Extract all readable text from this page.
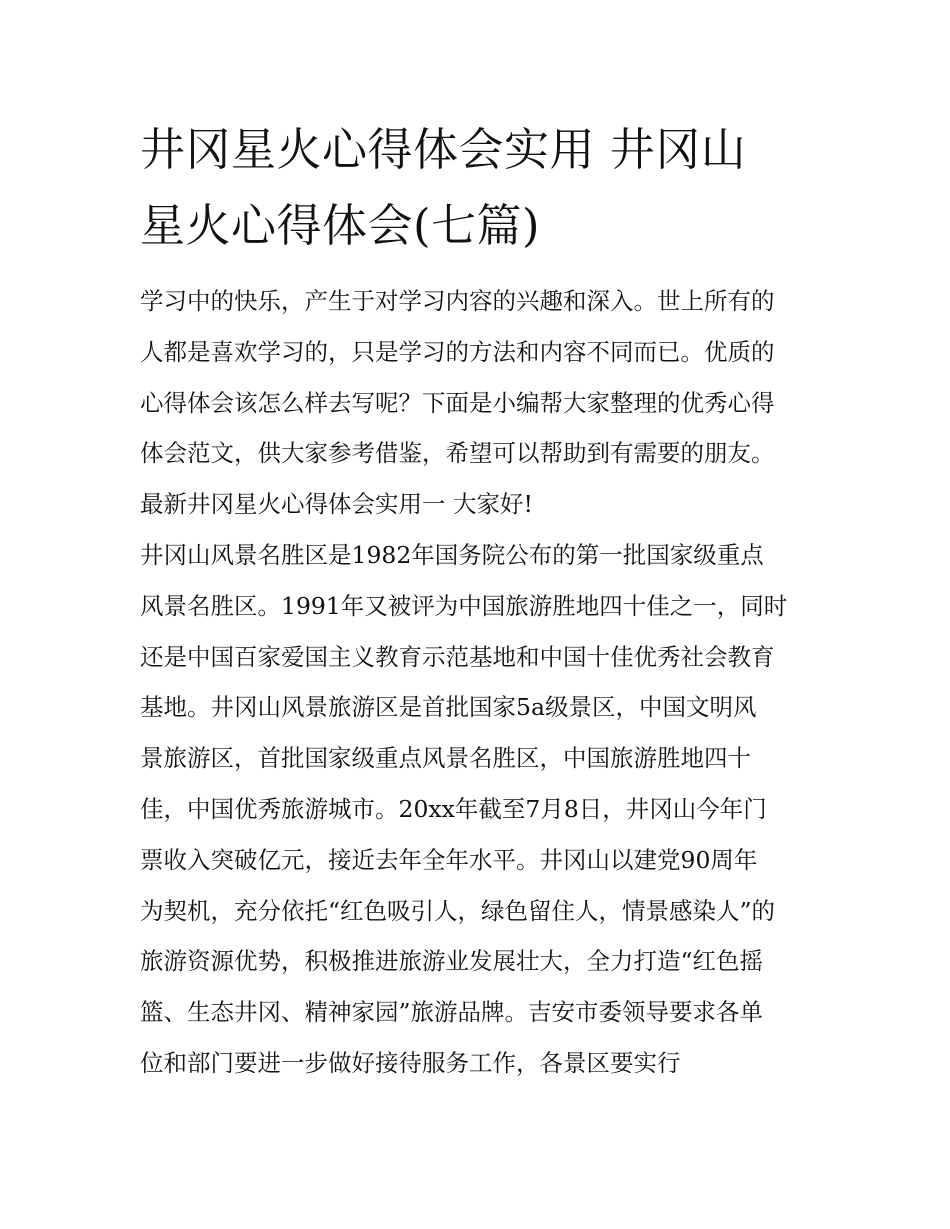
井冈星火心得体会实用 井冈山
星火心得体会(七篇)
学习中的快乐，产生于对学习内容的兴趣和深入。世上所有的
人都是喜欢学习的，只是学习的方法和内容不同而已。优质的
心得体会该怎么样去写呢？下面是小编帮大家整理的优秀心得
体会范文，供大家参考借鉴，希望可以帮助到有需要的朋友。
最新井冈星火心得体会实用一 大家好!
井冈山风景名胜区是1982年国务院公布的第一批国家级重点
风景名胜区。1991年又被评为中国旅游胜地四十佳之一，同时
还是中国百家爱国主义教育示范基地和中国十佳优秀社会教育
基地。井冈山风景旅游区是首批国家5a级景区，中国文明风
景旅游区，首批国家级重点风景名胜区，中国旅游胜地四十
佳，中国优秀旅游城市。20xx年截至7月8日，井冈山今年门
票收入突破亿元，接近去年全年水平。井冈山以建党90周年
为契机，充分依托“红色吸引人，绿色留住人，情景感染人”的
旅游资源优势，积极推进旅游业发展壮大，全力打造“红色摇
篮、生态井冈、精神家园”旅游品牌。吉安市委领导要求各单
位和部门要进一步做好接待服务工作，各景区要实行
